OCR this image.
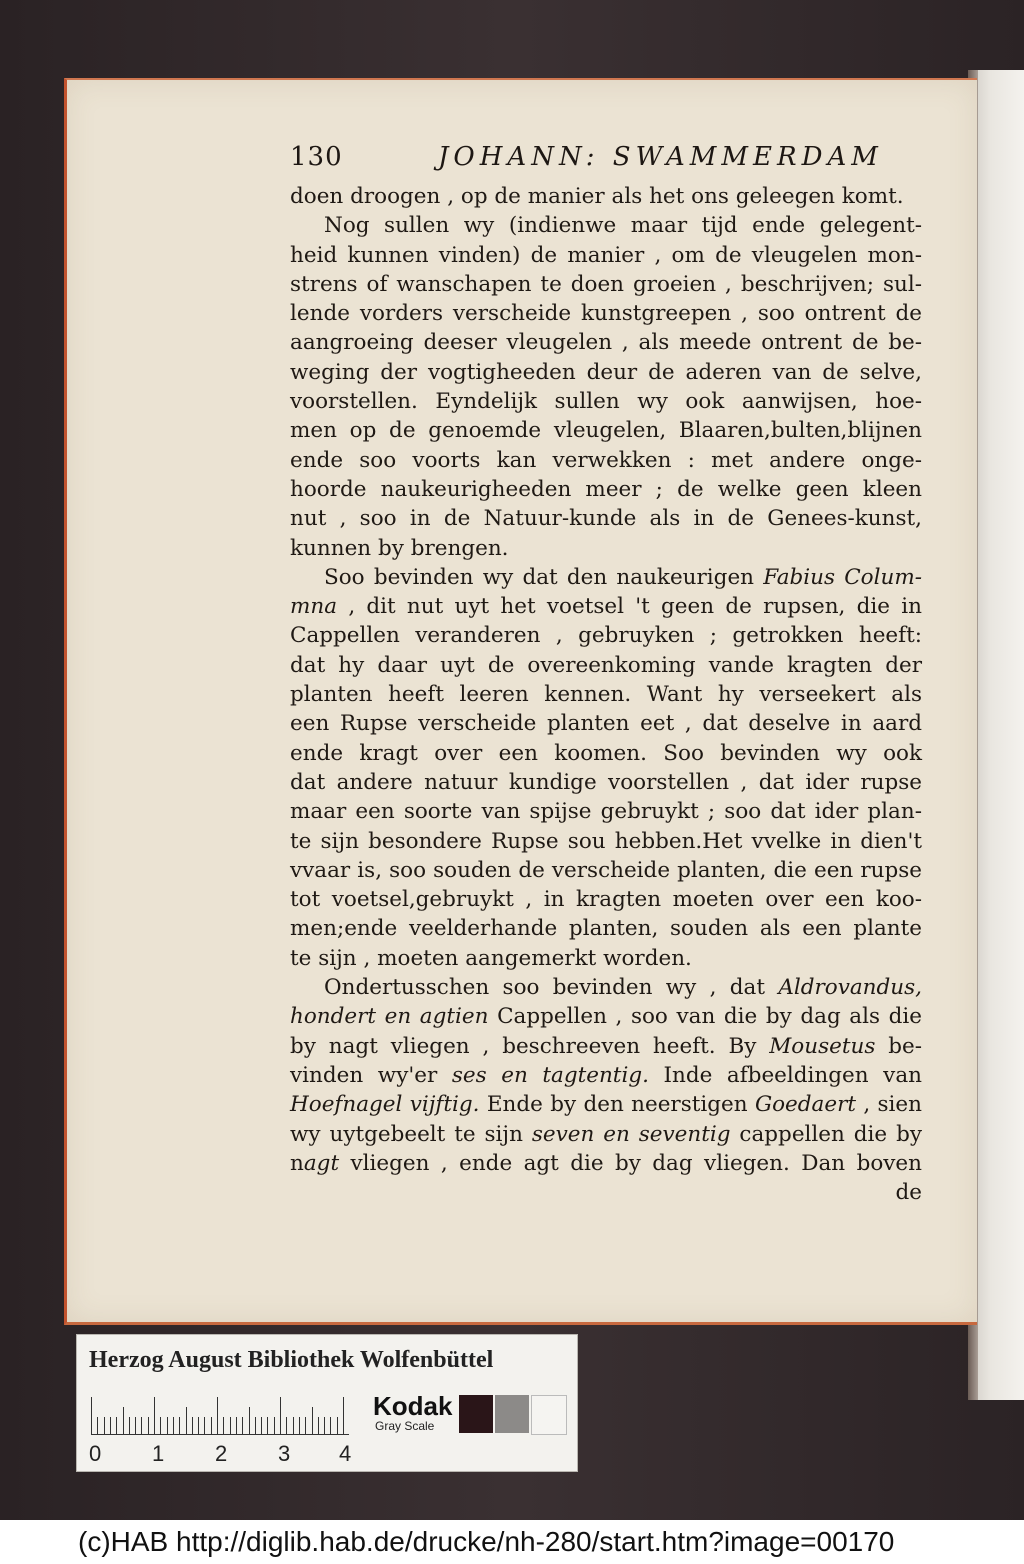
130	JOHANN: SWAMMERDAM
doen droogen , op de manier als het ons geleegen komt.
Nog sullen wy (indienwe maar tijd ende gelegent-
heid kunnen vinden) de manier , om de vleugelen mon-
strens of wanschapen te doen groeien , beschrijven; sul-
lende vorders verscheide kunstgreepen , soo ontrent de
aangroeing deeser vleugelen , als meede ontrent de be-
weging der vogtigheeden deur de aderen van de selve,
voorstellen. Eyndelijk sullen wy ook aanwijsen, hoe-
men op de genoemde vleugelen, Blaaren,bulten,blijnen
ende soo voorts kan verwekken : met andere onge-
hoorde naukeurigheeden meer ; de welke geen kleen
nut , soo in de Natuur-kunde als in de Genees-kunst,
kunnen by brengen.
Soo bevinden wy dat den naukeurigen Fabius Colum-
mna , dit nut uyt het voetsel 't geen de rupsen, die in
Cappellen veranderen , gebruyken ; getrokken heeft:
dat hy daar uyt de overeenkoming vande kragten der
planten heeft leeren kennen. Want hy verseekert als
een Rupse verscheide planten eet , dat deselve in aard
ende kragt over een koomen. Soo bevinden wy ook
dat andere natuur kundige voorstellen , dat ider rupse
maar een soorte van spijse gebruykt ; soo dat ider plan-
te sijn besondere Rupse sou hebben.Het vvelke in dien't
vvaar is, soo souden de verscheide planten, die een rupse
tot voetsel,gebruykt , in kragten moeten over een koo-
men;ende veelderhande planten, souden als een plante
te sijn , moeten aangemerkt worden.
Ondertusschen soo bevinden wy , dat Aldrovandus,
hondert en agtien Cappellen , soo van die by dag als die
by nagt vliegen , beschreeven heeft. By Mousetus be-
vinden wy'er ses en tagtentig. Inde afbeeldingen van
Hoefnagel vijftig. Ende by den neerstigen Goedaert , sien
wy uytgebeelt te sijn seven en seventig cappellen die by
nagt vliegen , ende agt die by dag vliegen. Dan boven
de
Herzog August Bibliothek Wolfenbüttel
0 1 2 3 4
Kodak
Gray Scale
(c)HAB http://diglib.hab.de/drucke/nh-280/start.htm?image=00170
